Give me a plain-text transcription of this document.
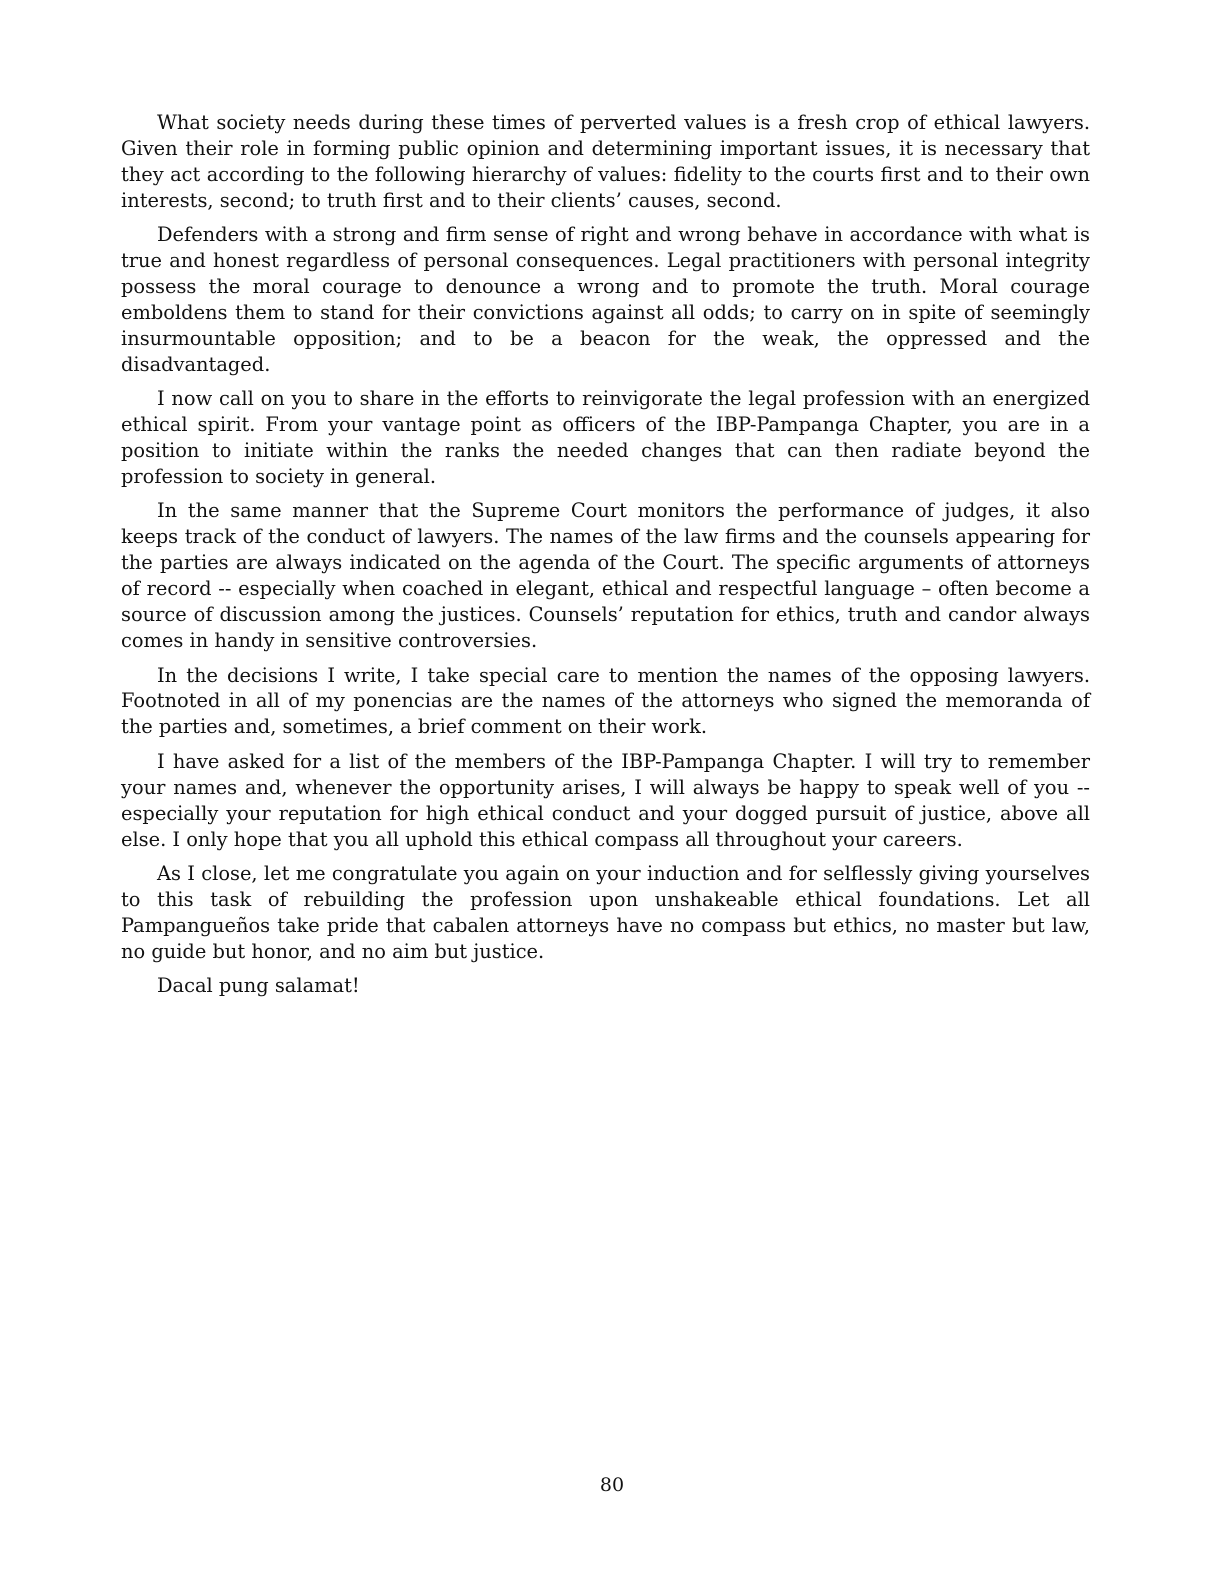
What society needs during these times of perverted values is a fresh crop of ethical lawyers. Given their role in forming public opinion and determining important issues, it is necessary that they act according to the following hierarchy of values: fidelity to the courts first and to their own interests, second; to truth first and to their clients’ causes, second.

Defenders with a strong and firm sense of right and wrong behave in accordance with what is true and honest regardless of personal consequences. Legal practitioners with personal integrity possess the moral courage to denounce a wrong and to promote the truth. Moral courage emboldens them to stand for their convictions against all odds; to carry on in spite of seemingly insurmountable opposition; and to be a beacon for the weak, the oppressed and the disadvantaged.

I now call on you to share in the efforts to reinvigorate the legal profession with an energized ethical spirit. From your vantage point as officers of the IBP-Pampanga Chapter, you are in a position to initiate within the ranks the needed changes that can then radiate beyond the profession to society in general.

In the same manner that the Supreme Court monitors the performance of judges, it also keeps track of the conduct of lawyers. The names of the law firms and the counsels appearing for the parties are always indicated on the agenda of the Court. The specific arguments of attorneys of record -- especially when coached in elegant, ethical and respectful language – often become a source of discussion among the justices. Counsels’ reputation for ethics, truth and candor always comes in handy in sensitive controversies.

In the decisions I write, I take special care to mention the names of the opposing lawyers. Footnoted in all of my ponencias are the names of the attorneys who signed the memoranda of the parties and, sometimes, a brief comment on their work.

I have asked for a list of the members of the IBP-Pampanga Chapter. I will try to remember your names and, whenever the opportunity arises, I will always be happy to speak well of you -- especially your reputation for high ethical conduct and your dogged pursuit of justice, above all else. I only hope that you all uphold this ethical compass all throughout your careers.

As I close, let me congratulate you again on your induction and for selflessly giving yourselves to this task of rebuilding the profession upon unshakeable ethical foundations. Let all Pampangueños take pride that cabalen attorneys have no compass but ethics, no master but law, no guide but honor, and no aim but justice.

Dacal pung salamat!

80
